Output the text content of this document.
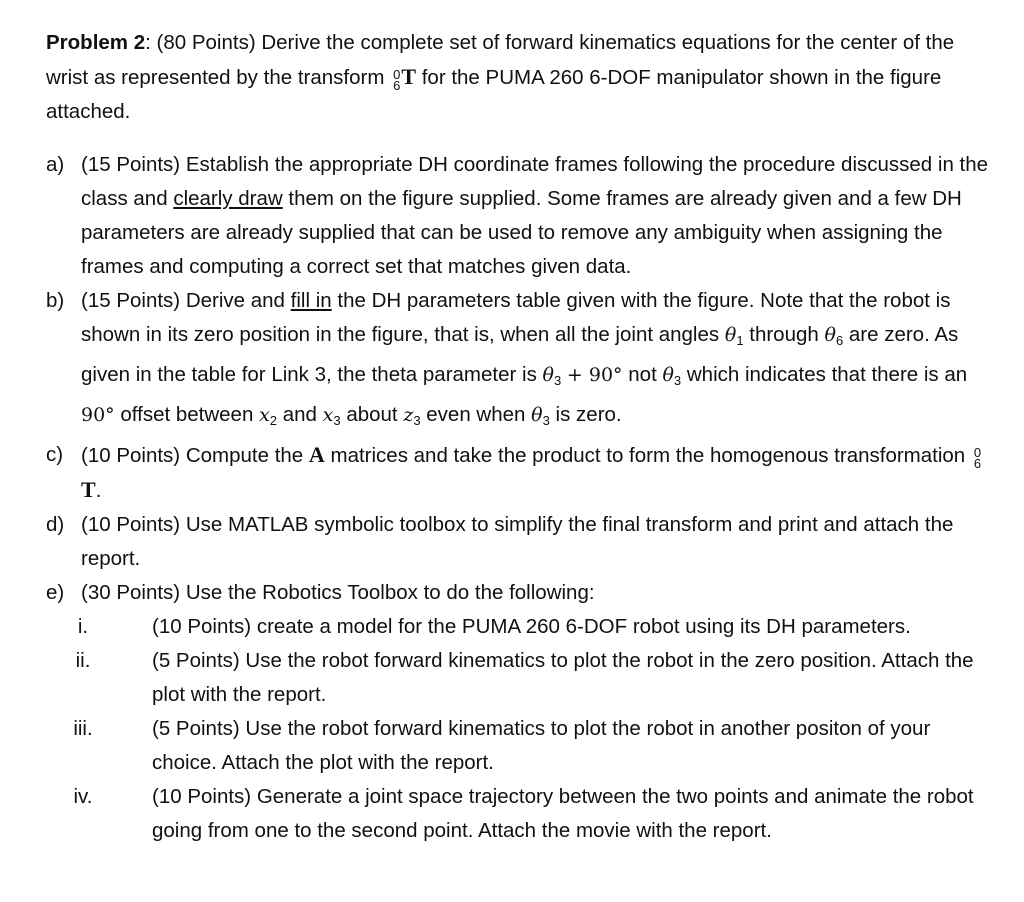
Problem 2: (80 Points) Derive the complete set of forward kinematics equations for the center of the wrist as represented by the transform 0
6 T for the PUMA 260 6-DOF manipulator shown in the figure attached.

a) (15 Points) Establish the appropriate DH coordinate frames following the procedure discussed in the class and clearly draw them on the figure supplied. Some frames are already given and a few DH parameters are already supplied that can be used to remove any ambiguity when assigning the frames and computing a correct set that matches given data.

b) (15 Points) Derive and fill in the DH parameters table given with the figure. Note that the robot is shown in its zero position in the figure, that is, when all the joint angles $\theta_1$ through $\theta_6$ are zero. As given in the table for Link 3, the theta parameter is $\theta_3 + 90^\circ$ not $\theta_3$ which indicates that there is an 90° offset between $x_2$ and $x_3$ about $z_3$ even when $\theta_3$ is zero.

c) (10 Points) Compute the A matrices and take the product to form the homogenous transformation 0
6
T.

d) (10 Points) Use MATLAB symbolic toolbox to simplify the final transform and print and attach the report.

e) (30 Points) Use the Robotics Toolbox to do the following:

i.	(10 Points) create a model for the PUMA 260 6-DOF robot using its DH parameters.

ii.	(5 Points) Use the robot forward kinematics to plot the robot in the zero position. Attach the plot with the report.

iii.	(5 Points) Use the robot forward kinematics to plot the robot in another positon of your choice. Attach the plot with the report.

iv.	(10 Points) Generate a joint space trajectory between the two points and animate the robot going from one to the second point. Attach the movie with the report.
